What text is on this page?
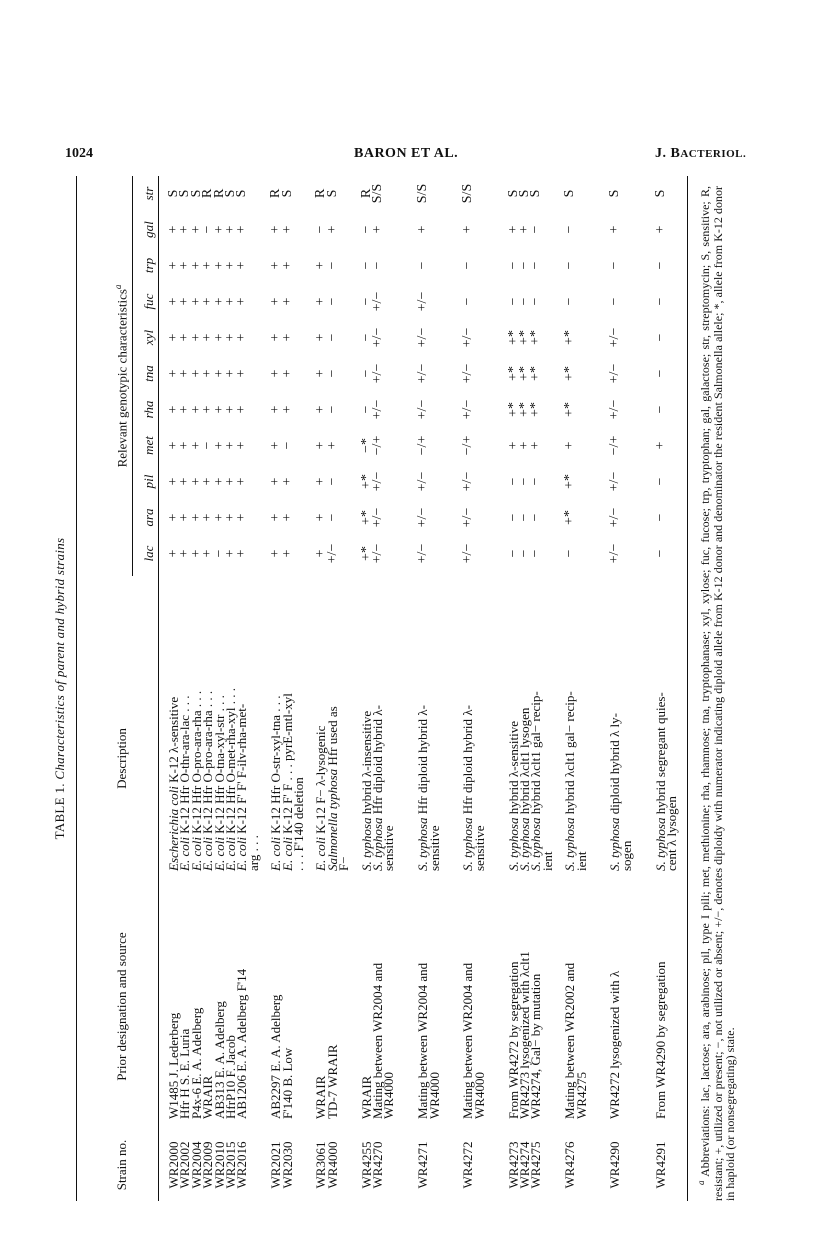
1024	BARON ET AL.	J. BACTERIOL.
TABLE 1. Characteristics of parent and hybrid strains
Strain no.
Prior designation and source
Description
Relevant genotypic characteristics$^a$
lac
ara
pil
met
rha
tna
xyl
fuc
trp
gal
str
WR2000
W1485 J. Lederberg
Escherichia coli K-12 λ-sensitive
+
+
+
+
+
+
+
+
+
+
S
WR2002
Hfr H S. E. Luria
E. coli K-12 Hfr O-thr-ara-lac . . .
+
+
+
+
+
+
+
+
+
+
S
WR2004
P4x-6 E. A. Adelberg
E. coli K-12 Hfr O-pro-ara-rha . . .
+
+
+
+
+
+
+
+
+
+
S
WR2009
WRAIR
E. coli K-12 Hfr O-pro-ara-rha . . .
+
+
+
−
+
+
+
+
+
−
R
WR2010
AB313 E. A. Adelberg
E. coli K-12 Hfr O-tna-xyl-str . . .
−
+
+
+
+
+
+
+
+
+
R
WR2015
HfrP10 F. Jacob
E. coli K-12 Hfr O-met-rha-xyl . . .
+
+
+
+
+
+
+
+
+
+
S
WR2016
AB1206 E. A. Adelberg F'14
E. coli K-12 F' F' F-ilv-rha-met-
+
+
+
+
+
+
+
+
+
+
S
arg . . .
WR2021
AB2297 E. A. Adelberg
E. coli K-12 Hfr O-str-xyl-tna . . .
+
+
+
+
+
+
+
+
+
+
R
WR2030
F'140 B. Low
E. coli K-12 F' F . . . pyrE-mtl-xyl
+
+
+
−
+
+
+
+
+
+
S
. . . F'140 deletion
WR3061
WRAIR
E. coli K-12 F− λ-lysogenic
+
+
+
+
+
+
+
+
+
−
R
WR4000
TD-7 WRAIR
Salmonella typhosa Hfr used as
+/−
−
−
+
−
−
−
−
−
+
S
F−
WR4255
WRAIR
S. typhosa hybrid λ-insensitive
+*
+*
+*
−*
−
−
−
−
−
−
R
WR4270
Mating between WR2004 and
S. typhosa Hfr diploid hybrid λ-
+/−
+/−
+/−
−/+
+/−
+/−
+/−
+/−
−
+
S/S
WR4000
sensitive
WR4271
Mating between WR2004 and
S. typhosa Hfr diploid hybrid λ-
+/−
+/−
+/−
−/+
+/−
+/−
+/−
+/−
−
+
S/S
WR4000
sensitive
WR4272
Mating between WR2004 and
S. typhosa Hfr diploid hybrid λ-
+/−
+/−
+/−
−/+
+/−
+/−
+/−
−
−
+
S/S
WR4000
sensitive
WR4273
From WR4272 by segregation
S. typhosa hybrid λ-sensitive
−
−
−
+
+*
+*
+*
−
−
+
S
WR4274
WR4273 lysogenized with λclt1
S. typhosa hybrid λclt1 lysogen
−
−
−
+
+*
+*
+*
−
−
+
S
WR4275
WR4274, Gal− by mutation
S. typhosa hybrid λclt1 gal− recip-
−
−
−
+
+*
+*
+*
−
−
−
S
ient
WR4276
Mating between WR2002 and
S. typhosa hybrid λclt1 gal− recip-
−
+*
+*
+
+*
+*
+*
−
−
−
S
WR4275
ient
WR4290
WR4272 lysogenized with λ
S. typhosa diploid hybrid λ ly-
+/−
+/−
+/−
−/+
+/−
+/−
+/−
−
−
+
S
sogen
WR4291
From WR4290 by segregation
S. typhosa hybrid segregant quies-
−
−
−
+
−
−
−
−
−
+
S
cent λ lysogen
$^a$ Abbreviations: lac, lactose; ara, arabinose; pil, type I pili; met, methionine; rha, rhamnose; tna, tryptophanase; xyl, xylose; fuc, fucose; trp, tryptophan; gal, galactose; str, streptomycin; S, sensitive; R, resistant; +, utilized or present; −, not utilized or absent; +/−, denotes diploidy with numerator indicating diploid allele from K-12 donor and denominator the resident Salmonella allele; *, allele from K-12 donor in haploid (or nonsegregating) state.
